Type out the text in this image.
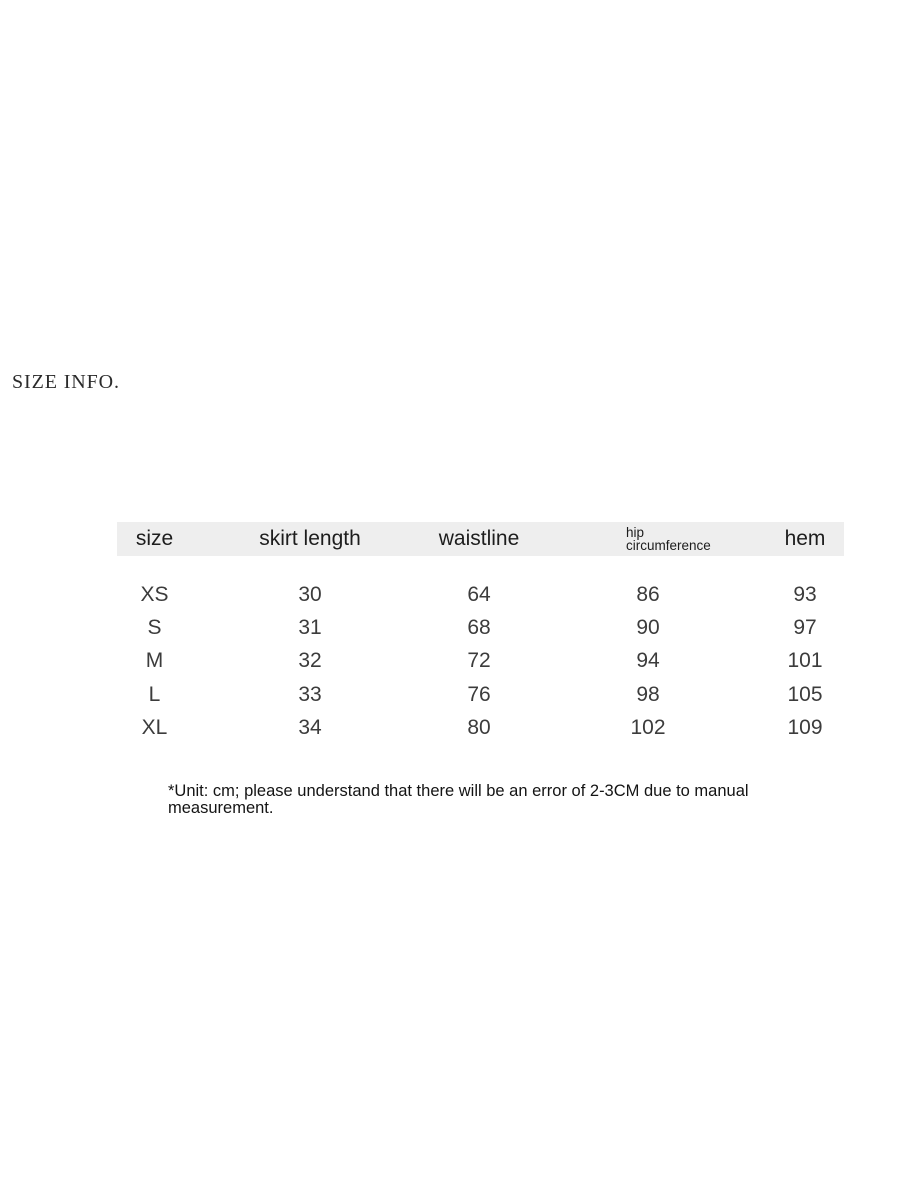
SIZE INFO.
size	skirt length	waistline	hip circumference	hem
XS	30	64	86	93
S	31	68	90	97
M	32	72	94	101
L	33	76	98	105
XL	34	80	102	109

*Unit: cm; please understand that there will be an error of 2-3CM due to manual measurement.
